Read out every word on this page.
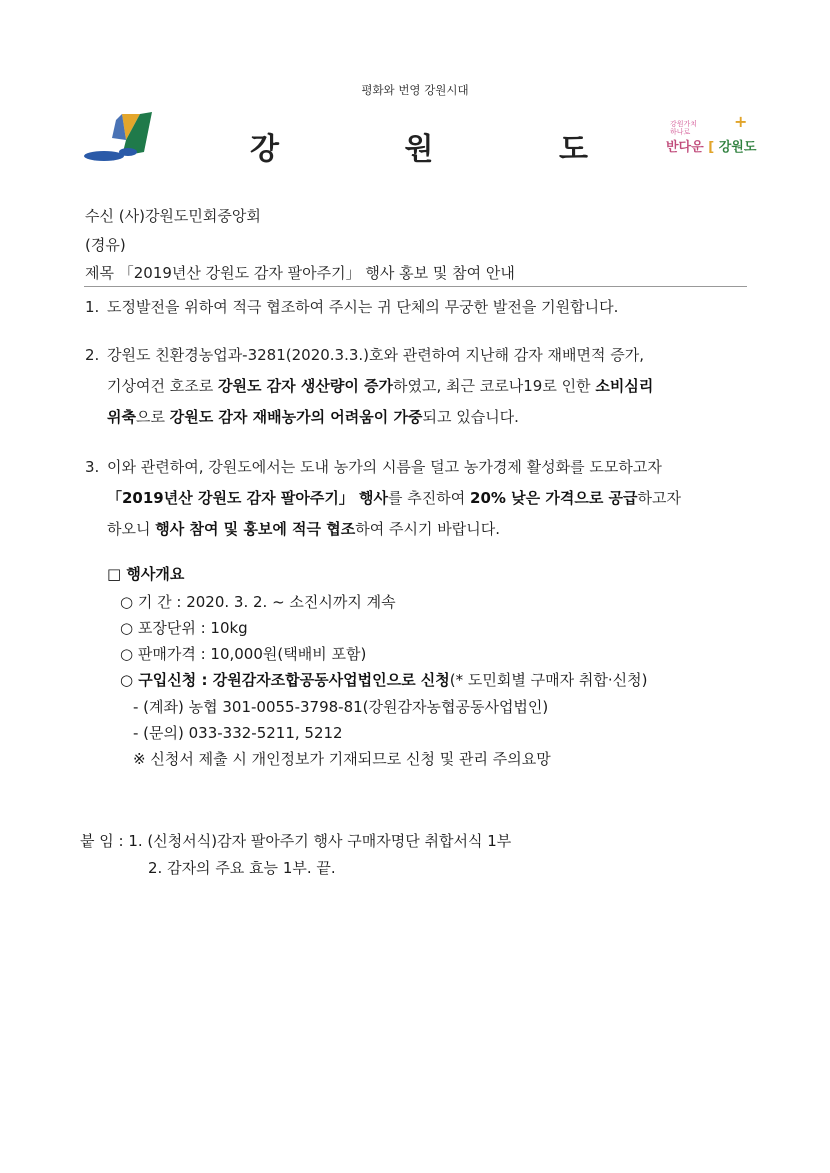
평화와 번영 강원시대
강	원	도
강원가치
하나로
반다운 [ 강원도
+
수신 (사)강원도민회중앙회
(경유)
제목 「2019년산 강원도 감자 팔아주기」 행사 홍보 및 참여 안내
1. 도정발전을 위하여 적극 협조하여 주시는 귀 단체의 무궁한 발전을 기원합니다.
2. 강원도 친환경농업과-3281(2020.3.3.)호와 관련하여 지난해 감자 재배면적 증가,
기상여건 호조로 강원도 감자 생산량이 증가하였고, 최근 코로나19로 인한 소비심리
위축으로 강원도 감자 재배농가의 어려움이 가중되고 있습니다.
3. 이와 관련하여, 강원도에서는 도내 농가의 시름을 덜고 농가경제 활성화를 도모하고자
「2019년산 강원도 감자 팔아주기」 행사를 추진하여 20% 낮은 가격으로 공급하고자
하오니 행사 참여 및 홍보에 적극 협조하여 주시기 바랍니다.
□ 행사개요
○ 기 간 : 2020. 3. 2. ~ 소진시까지 계속
○ 포장단위 : 10kg
○ 판매가격 : 10,000원(택배비 포함)
○ 구입신청 : 강원감자조합공동사업법인으로 신청(* 도민회별 구매자 취합·신청)
- (계좌) 농협 301-0055-3798-81(강원감자농협공동사업법인)
- (문의) 033-332-5211, 5212
※ 신청서 제출 시 개인정보가 기재되므로 신청 및 관리 주의요망
붙 임 : 1. (신청서식)감자 팔아주기 행사 구매자명단 취합서식 1부
2. 감자의 주요 효능 1부. 끝.
